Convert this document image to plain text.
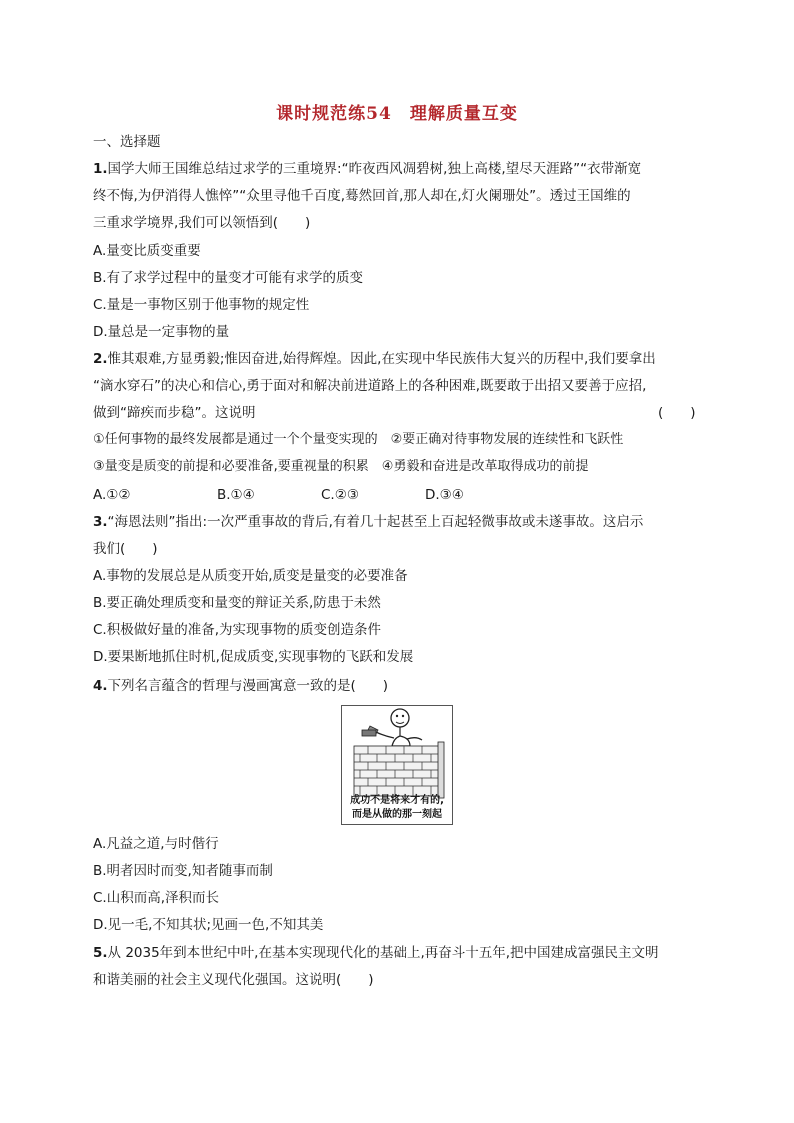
课时规范练54　理解质量互变
一、选择题
1.国学大师王国维总结过求学的三重境界:“昨夜西风凋碧树,独上高楼,望尽天涯路”“衣带渐宽
终不悔,为伊消得人憔悴”“众里寻他千百度,蓦然回首,那人却在,灯火阑珊处”。透过王国维的
三重求学境界,我们可以领悟到(　　)
A.量变比质变重要
B.有了求学过程中的量变才可能有求学的质变
C.量是一事物区别于他事物的规定性
D.量总是一定事物的量
2.惟其艰难,方显勇毅;惟因奋进,始得辉煌。因此,在实现中华民族伟大复兴的历程中,我们要拿出
“滴水穿石”的决心和信心,勇于面对和解决前进道路上的各种困难,既要敢于出招又要善于应招,
做到“蹄疾而步稳”。这说明	(　　)
①任何事物的最终发展都是通过一个个量变实现的　②要正确对待事物发展的连续性和飞跃性
③量变是质变的前提和必要准备,要重视量的积累　④勇毅和奋进是改革取得成功的前提
A.①②	B.①④	C.②③	D.③④
3.“海恩法则”指出:一次严重事故的背后,有着几十起甚至上百起轻微事故或未遂事故。这启示
我们(　　)
A.事物的发展总是从质变开始,质变是量变的必要准备
B.要正确处理质变和量变的辩证关系,防患于未然
C.积极做好量的准备,为实现事物的质变创造条件
D.要果断地抓住时机,促成质变,实现事物的飞跃和发展
4.下列名言蕴含的哲理与漫画寓意一致的是(　　)
成功不是将来才有的,
而是从做的那一刻起
A.凡益之道,与时偕行
B.明者因时而变,知者随事而制
C.山积而高,泽积而长
D.见一毛,不知其状;见画一色,不知其美
5.从 2035年到本世纪中叶,在基本实现现代化的基础上,再奋斗十五年,把中国建成富强民主文明
和谐美丽的社会主义现代化强国。这说明(　　)
